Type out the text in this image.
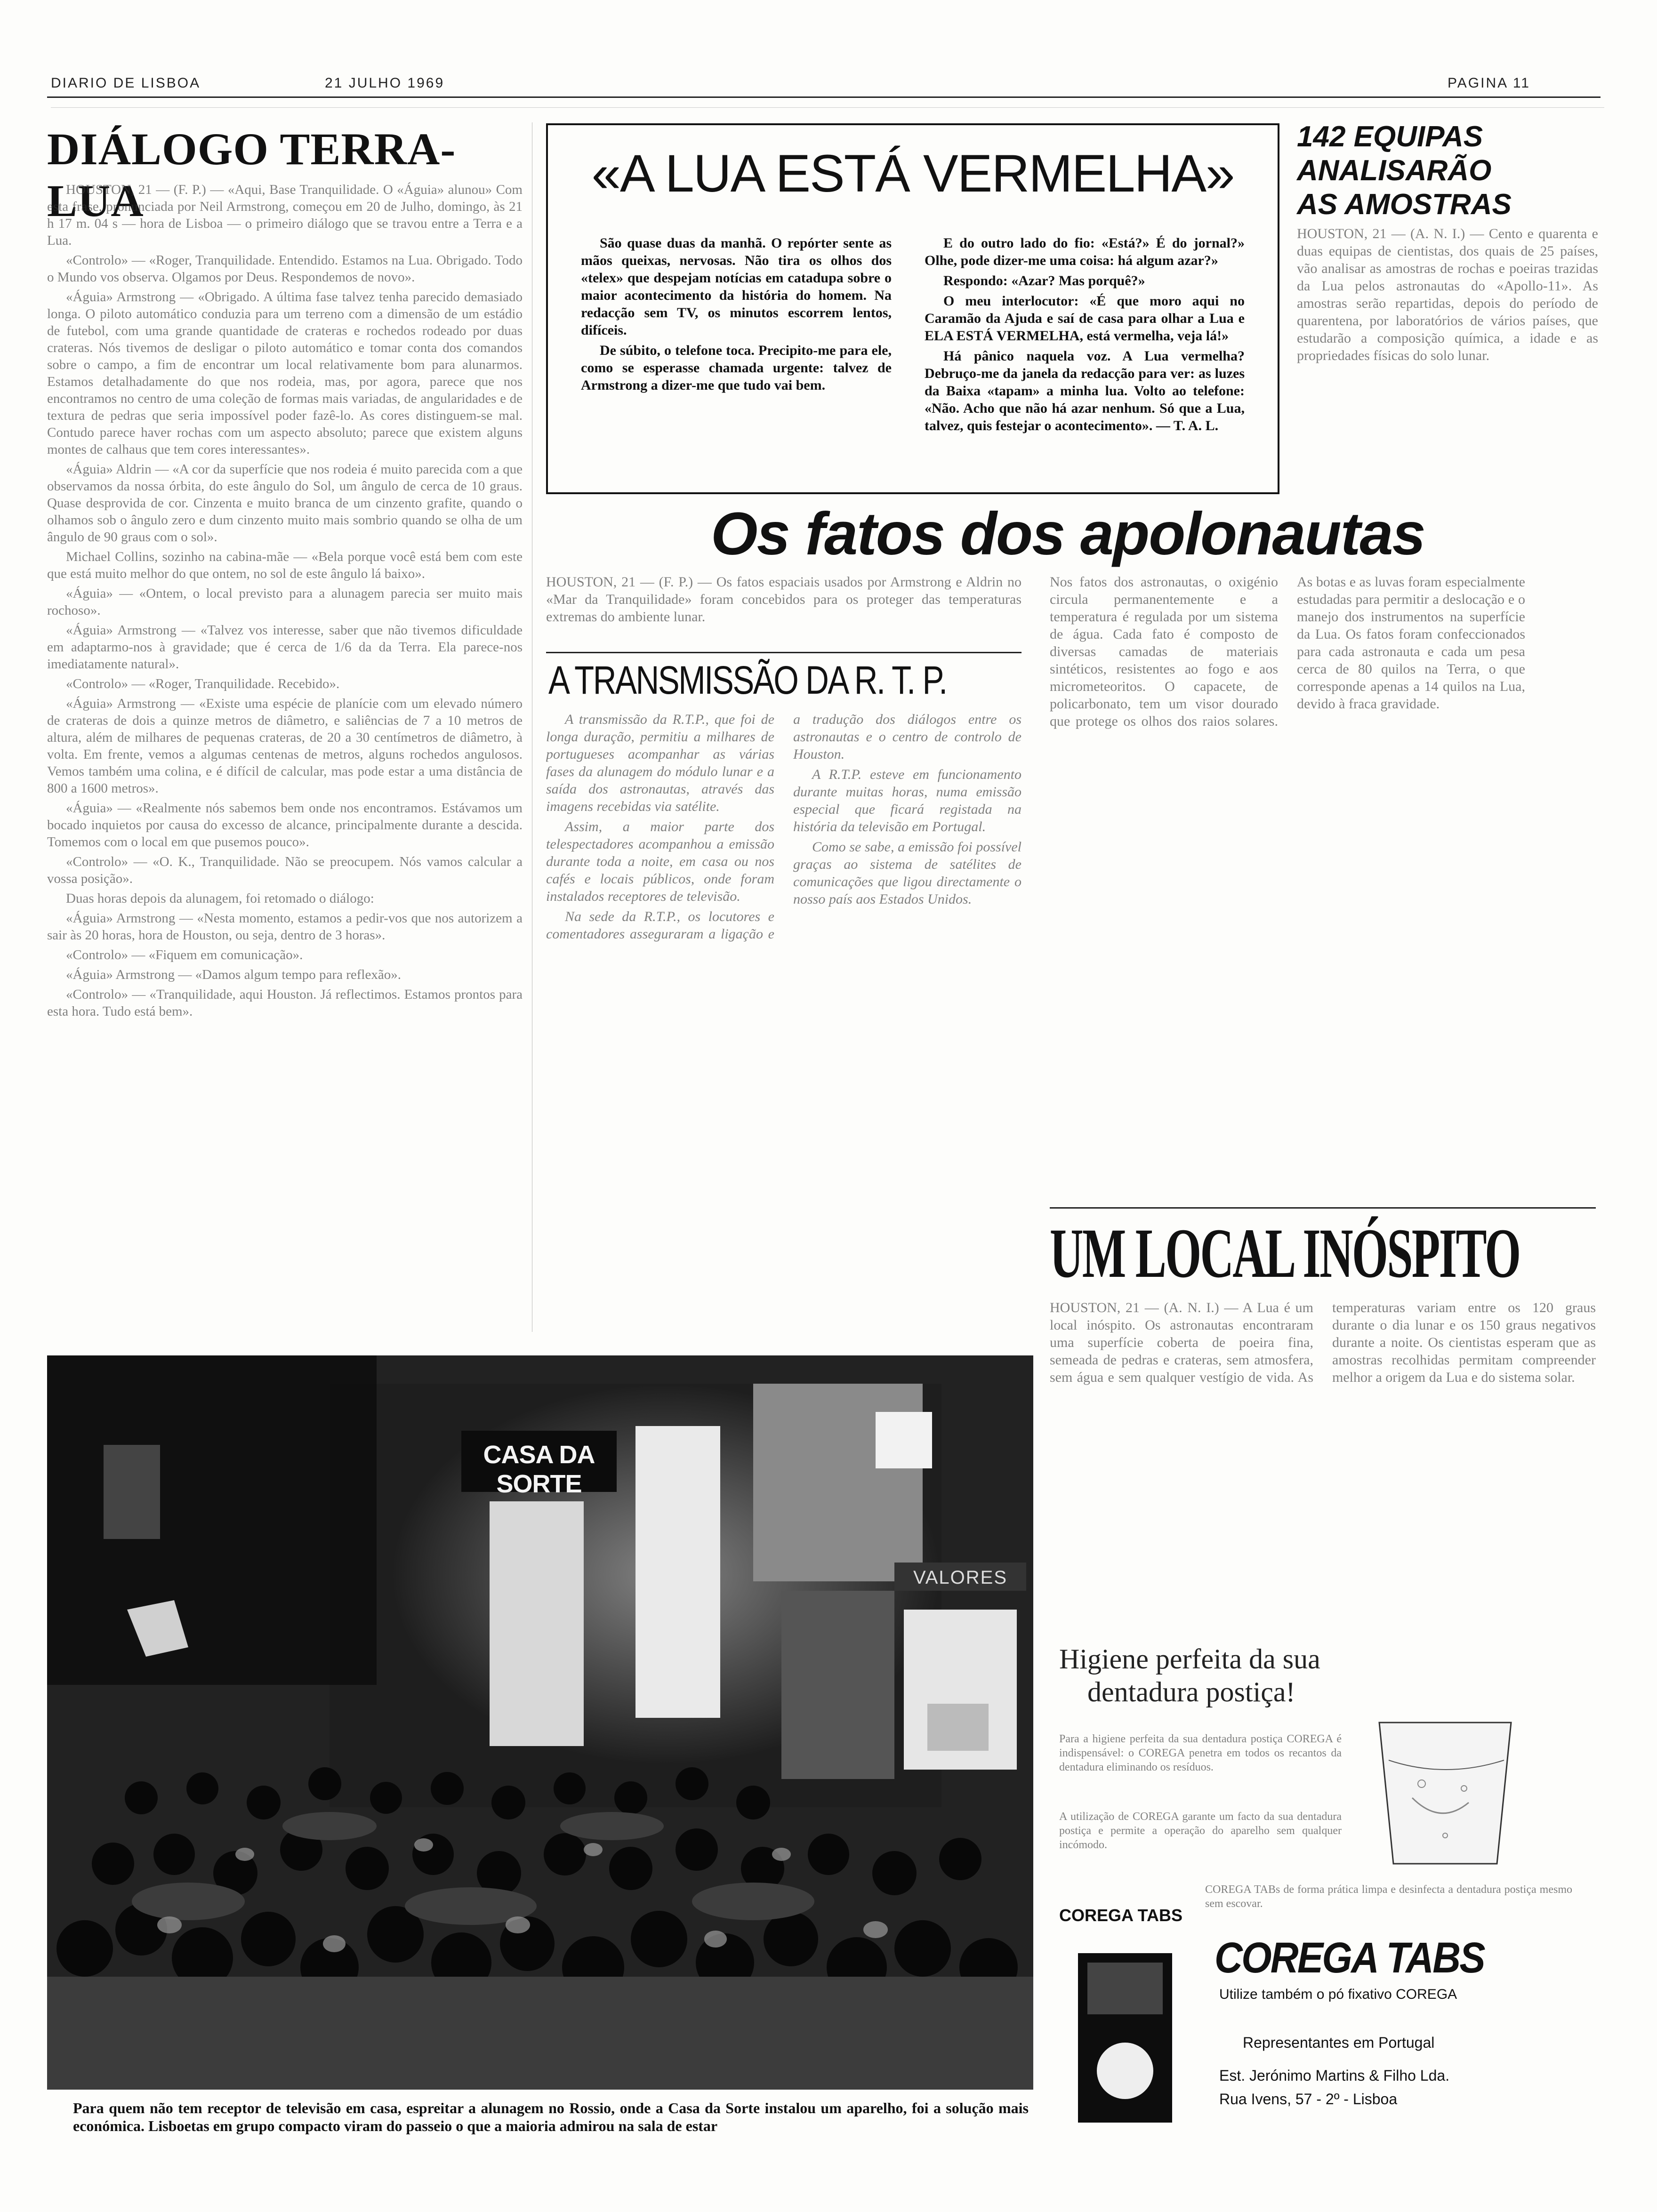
DIARIO DE LISBOA	21 JULHO 1969	PAGINA 11
DIÁLOGO TERRA-LUA

HOUSTON, 21 — (F. P.) — «Aqui, Base Tranquilidade. O «Águia» alunou» Com esta frase, pronunciada por Neil Armstrong, começou em 20 de Julho, domingo, às 21 h 17 m. 04 s — hora de Lisboa — o primeiro diálogo que se travou entre a Terra e a Lua.

«Controlo» — «Roger, Tranquilidade. Entendido. Estamos na Lua. Obrigado. Todo o Mundo vos observa. Olgamos por Deus. Respondemos de novo».

«Águia» Armstrong — «Obrigado. A última fase talvez tenha parecido demasiado longa. O piloto automático conduzia para um terreno com a dimensão de um estádio de futebol, com uma grande quantidade de crateras e rochedos rodeado por duas crateras. Nós tivemos de desligar o piloto automático e tomar conta dos comandos sobre o campo, a fim de encontrar um local relativamente bom para alunarmos. Estamos detalhadamente do que nos rodeia, mas, por agora, parece que nos encontramos no centro de uma coleção de formas mais variadas, de angularidades e de textura de pedras que seria impossível poder fazê-lo. As cores distinguem-se mal. Contudo parece haver rochas com um aspecto absoluto; parece que existem alguns montes de calhaus que tem cores interessantes».

«Águia» Aldrin — «A cor da superfície que nos rodeia é muito parecida com a que observamos da nossa órbita, do este ângulo do Sol, um ângulo de cerca de 10 graus. Quase desprovida de cor. Cinzenta e muito branca de um cinzento grafite, quando o olhamos sob o ângulo zero e dum cinzento muito mais sombrio quando se olha de um ângulo de 90 graus com o sol».

Michael Collins, sozinho na cabina-mãe — «Bela porque você está bem com este que está muito melhor do que ontem, no sol de este ângulo lá baixo».

«Águia» — «Ontem, o local previsto para a alunagem parecia ser muito mais rochoso».

«Águia» Armstrong — «Talvez vos interesse, saber que não tivemos dificuldade em adaptarmo-nos à gravidade; que é cerca de 1/6 da da Terra. Ela parece-nos imediatamente natural».

«Controlo» — «Roger, Tranquilidade. Recebido».

«Águia» Armstrong — «Existe uma espécie de planície com um elevado número de crateras de dois a quinze metros de diâmetro, e saliências de 7 a 10 metros de altura, além de milhares de pequenas crateras, de 20 a 30 centímetros de diâmetro, à volta. Em frente, vemos a algumas centenas de metros, alguns rochedos angulosos. Vemos também uma colina, e é difícil de calcular, mas pode estar a uma distância de 800 a 1600 metros».

«Águia» — «Realmente nós sabemos bem onde nos encontramos. Estávamos um bocado inquietos por causa do excesso de alcance, principalmente durante a descida. Tomemos com o local em que pusemos pouco».

«Controlo» — «O. K., Tranquilidade. Não se preocupem. Nós vamos calcular a vossa posição».

Duas horas depois da alunagem, foi retomado o diálogo:

«Águia» Armstrong — «Nesta momento, estamos a pedir-vos que nos autorizem a sair às 20 horas, hora de Houston, ou seja, dentro de 3 horas».

«Controlo» — «Fiquem em comunicação».

«Águia» Armstrong — «Damos algum tempo para reflexão».

«Controlo» — «Tranquilidade, aqui Houston. Já reflectimos. Estamos prontos para esta hora. Tudo está bem».

«A LUA ESTÁ VERMELHA»

São quase duas da manhã. O repórter sente as mãos queixas, nervosas. Não tira os olhos dos «telex» que despejam notícias em catadupa sobre o maior acontecimento da história do homem. Na redacção sem TV, os minutos escorrem lentos, difíceis.

De súbito, o telefone toca. Precipito-me para ele, como se esperasse chamada urgente: talvez de Armstrong a dizer-me que tudo vai bem.

E do outro lado do fio: «Está?» É do jornal?» Olhe, pode dizer-me uma coisa: há algum azar?»

Respondo: «Azar? Mas porquê?»

O meu interlocutor: «É que moro aqui no Caramão da Ajuda e saí de casa para olhar a Lua e ELA ESTÁ VERMELHA, está vermelha, veja lá!»

Há pânico naquela voz. A Lua vermelha? Debruço-me da janela da redacção para ver: as luzes da Baixa «tapam» a minha lua. Volto ao telefone: «Não. Acho que não há azar nenhum. Só que a Lua, talvez, quis festejar o acontecimento». — T. A. L.

142 EQUIPAS
ANALISARÃO
AS AMOSTRAS
HOUSTON, 21 — (A. N. I.) — Cento e quarenta e duas equipas de cientistas, dos quais de 25 países, vão analisar as amostras de rochas e poeiras trazidas da Lua pelos astronautas do «Apollo-11». As amostras serão repartidas, depois do período de quarentena, por laboratórios de vários países, que estudarão a composição química, a idade e as propriedades físicas do solo lunar.
Os fatos dos apolonautas
HOUSTON, 21 — (F. P.) — Os fatos espaciais usados por Armstrong e Aldrin no «Mar da Tranquilidade» foram concebidos para os proteger das temperaturas extremas do ambiente lunar.
Nos fatos dos astronautas, o oxigénio circula permanentemente e a temperatura é regulada por um sistema de água. Cada fato é composto de diversas camadas de materiais sintéticos, resistentes ao fogo e aos micrometeoritos. O capacete, de policarbonato, tem um visor dourado que protege os olhos dos raios solares. As botas e as luvas foram especialmente estudadas para permitir a deslocação e o manejo dos instrumentos na superfície da Lua. Os fatos foram confeccionados para cada astronauta e cada um pesa cerca de 80 quilos na Terra, o que corresponde apenas a 14 quilos na Lua, devido à fraca gravidade.
A TRANSMISSÃO DA R. T. P.

A transmissão da R.T.P., que foi de longa duração, permitiu a milhares de portugueses acompanhar as várias fases da alunagem do módulo lunar e a saída dos astronautas, através das imagens recebidas via satélite.

Assim, a maior parte dos telespectadores acompanhou a emissão durante toda a noite, em casa ou nos cafés e locais públicos, onde foram instalados receptores de televisão.

Na sede da R.T.P., os locutores e comentadores asseguraram a ligação e a tradução dos diálogos entre os astronautas e o centro de controlo de Houston.

A R.T.P. esteve em funcionamento durante muitas horas, numa emissão especial que ficará registada na história da televisão em Portugal.

Como se sabe, a emissão foi possível graças ao sistema de satélites de comunicações que ligou directamente o nosso país aos Estados Unidos.

UM LOCAL INÓSPITO
HOUSTON, 21 — (A. N. I.) — A Lua é um local inóspito. Os astronautas encontraram uma superfície coberta de poeira fina, semeada de pedras e crateras, sem atmosfera, sem água e sem qualquer vestígio de vida. As temperaturas variam entre os 120 graus durante o dia lunar e os 150 graus negativos durante a noite. Os cientistas esperam que as amostras recolhidas permitam compreender melhor a origem da Lua e do sistema solar.
CASA DA SORTE
VALORES
Para quem não tem receptor de televisão em casa, espreitar a alunagem no Rossio, onde a Casa da Sorte instalou um aparelho, foi a solução mais económica. Lisboetas em grupo compacto viram do passeio o que a maioria admirou na sala de estar
Higiene perfeita da sua
dentadura postiça!
Para a higiene perfeita da sua dentadura postiça COREGA é indispensável: o COREGA penetra em todos os recantos da dentadura eliminando os resíduos.
A utilização de COREGA garante um facto da sua dentadura postiça e permite a operação do aparelho sem qualquer incómodo.
COREGA TABs de forma prática limpa e desinfecta a dentadura postiça mesmo sem escovar.
COREGA TABS
COREGA TABS
Utilize também o pó fixativo COREGA
Representantes em Portugal
Est. Jerónimo Martins & Filho Lda.
Rua Ivens, 57 - 2º - Lisboa
